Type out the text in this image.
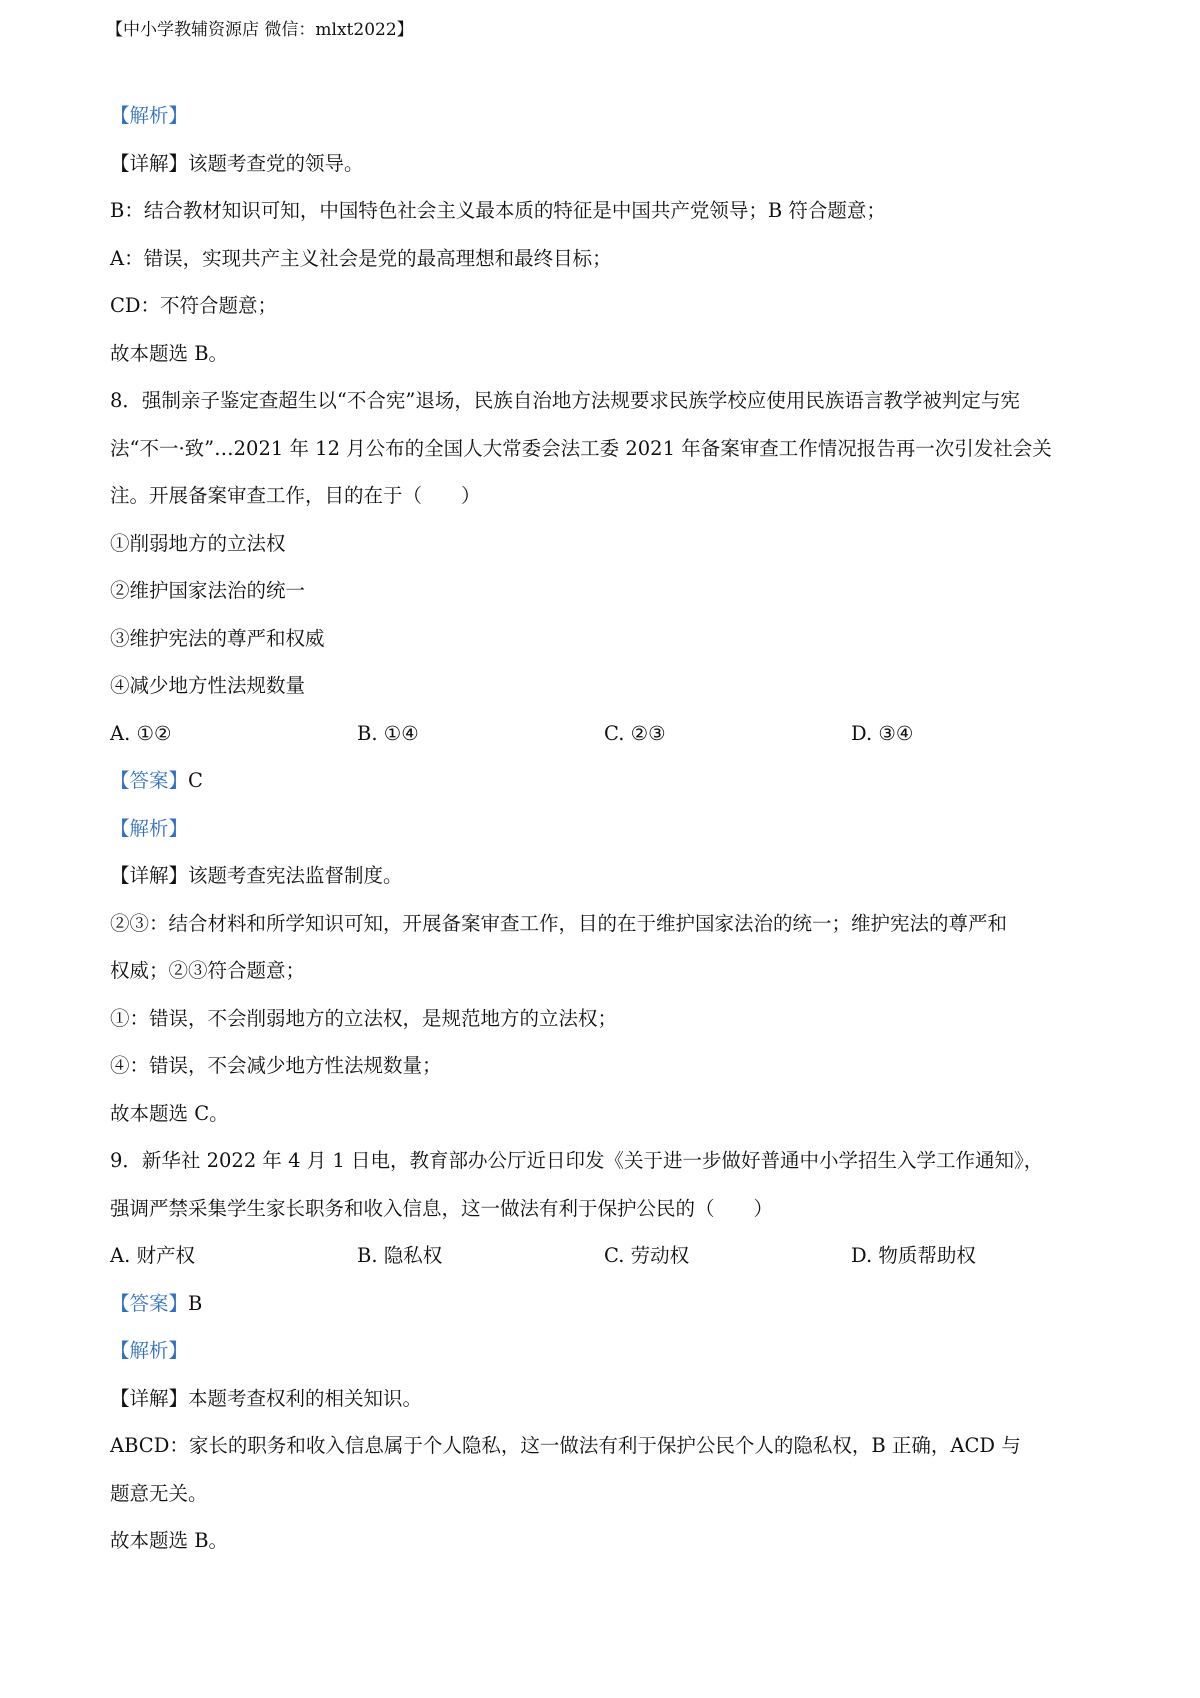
【中小学教辅资源店 微信：mlxt2022】
【解析】
【详解】该题考查党的领导。
B：结合教材知识可知，中国特色社会主义最本质的特征是中国共产党领导；B 符合题意；
A：错误，实现共产主义社会是党的最高理想和最终目标；
CD：不符合题意；
故本题选 B。
8．强制亲子鉴定查超生以“不合宪”退场，民族自治地方法规要求民族学校应使用民族语言教学被判定与宪
法“不一·致”…2021 年 12 月公布的全国人大常委会法工委 2021 年备案审查工作情况报告再一次引发社会关
注。开展备案审查工作，目的在于（　　）
①削弱地方的立法权
②维护国家法治的统一
③维护宪法的尊严和权威
④减少地方性法规数量
A. ①②	B. ①④	C. ②③	D. ③④
【答案】C
【解析】
【详解】该题考查宪法监督制度。
②③：结合材料和所学知识可知，开展备案审查工作，目的在于维护国家法治的统一；维护宪法的尊严和
权威；②③符合题意；
①：错误，不会削弱地方的立法权，是规范地方的立法权；
④：错误，不会减少地方性法规数量；
故本题选 C。
9．新华社 2022 年 4 月 1 日电，教育部办公厅近日印发《关于进一步做好普通中小学招生入学工作通知》，
强调严禁采集学生家长职务和收入信息，这一做法有利于保护公民的（　　）
A. 财产权	B. 隐私权	C. 劳动权	D. 物质帮助权
【答案】B
【解析】
【详解】本题考查权利的相关知识。
ABCD：家长的职务和收入信息属于个人隐私，这一做法有利于保护公民个人的隐私权，B 正确，ACD 与
题意无关。
故本题选 B。
